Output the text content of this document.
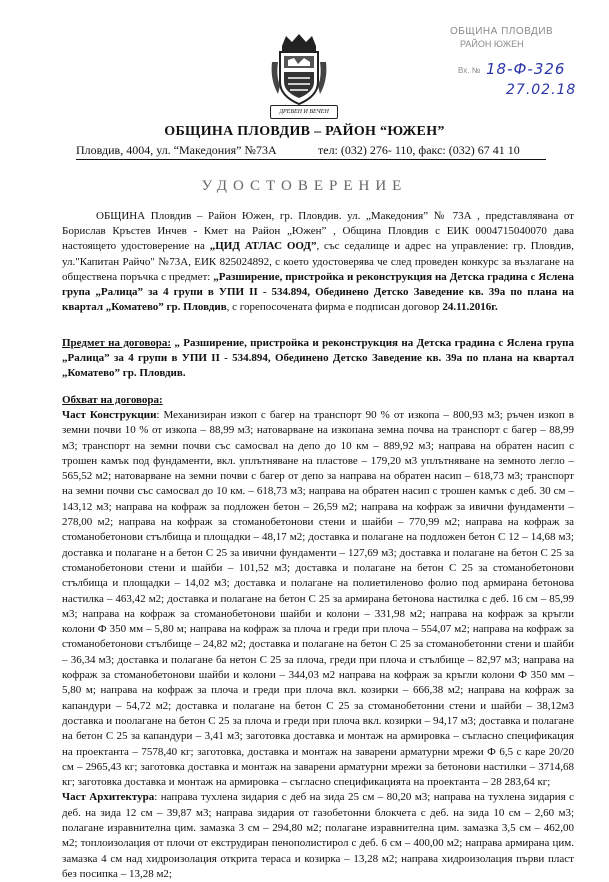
ДРЕВЕН И ВЕЧЕН
ОБЩИНА ПЛОВДИВ
РАЙОН ЮЖЕН
Вх. № 18-Ф-326
27.02.18
ОБЩИНА ПЛОВДИВ – РАЙОН “ЮЖЕН”
Пловдив, 4004, ул. “Македония” №73А	тел: (032) 276- 110, факс: (032) 67 41 10
УДОСТОВЕРЕНИЕ
ОБЩИНА Пловдив – Район Южен, гр. Пловдив. ул. „Македония” № 73А , представлявана от Борислав Кръстев Инчев - Кмет на Район „Южен” , Община Пловдив с ЕИК 0004715040070 дава настоящето удостоверение на „ЦИД АТЛАС ООД”, със седалище и адрес на управление: гр. Пловдив, ул."Капитан Райчо" №73А, ЕИК 825024892, с което удостоверява че след проведен конкурс за възлагане на обществена поръчка с предмет: „Разширение, пристройка и реконструкция на Детска градина с Яслена група „Ралица” за 4 групи в УПИ ІІ - 534.894, Обединено Детско Заведение кв. 39а по плана на квартал „Коматево” гр. Пловдив, с горепосочената фирма е подписан договор 24.11.2016г.
Предмет на договора: „ Разширение, пристройка и реконструкция на Детска градина с Яслена група „Ралица” за 4 групи в УПИ ІІ - 534.894, Обединено Детско Заведение кв. 39а по плана на квартал „Коматево” гр. Пловдив.
Обхват на договора:
Част Конструкции: Механизиран изкоп с багер на транспорт 90 % от изкопа – 800,93 м3; ръчен изкоп в земни почви 10 % от изкопа – 88,99 м3; натоварване на изкопана земна почва на транспорт с багер – 88,99 м3; транспорт на земни почви със самосвал на депо до 10 км – 889,92 м3; направа на обратен насип с трошен камък под фундаменти, вкл. уплътняване на пластове – 179,20 м3 уплътняване на земното легло – 565,52 м2; натоварване на земни почви с багер от депо за направа на обратен насип – 618,73 м3; транспорт на земни почви със самосвал до 10 км. – 618,73 м3; направа на обратен насип с трошен камък с деб. 30 см – 143,12 м3; направа на кофраж за подложен бетон – 26,59 м2; направа на кофраж за ивични фундаменти – 278,00 м2; направа на кофраж за стоманобетонови стени и шайби – 770,99 м2; направа на кофраж за стоманобетонови стълбища и площадки – 48,17 м2; доставка и полагане на подложен бетон С 12 – 14,68 м3; доставка и полагане н а бетон С 25 за ивични фундаменти – 127,69 м3; доставка и полагане на бетон С 25 за стоманобетонови стени и шайби – 101,52 м3; доставка и полагане на бетон С 25 за стоманобетонови стълбища и площадки – 14,02 м3; доставка и полагане на полиетиленово фолио под армирана бетонова настилка – 463,42 м2; доставка и полагане на бетон С 25 за армирана бетонова настилка с деб. 16 см – 85,99 м3; направа на кофраж за стоманобетонови шайби и колони – 331,98 м2; направа на кофраж за кръгли колони Ф 350 мм – 5,80 м; направа на кофраж за плоча и греди при плоча – 554,07 м2; направа на кофраж за стоманобетонови стълбище – 24,82 м2; доставка и полагане на бетон С 25 за стоманобетонни стени и шайби – 36,34 м3; доставка и полагане ба нетон С 25 за плоча, греди при плоча и стълбище – 82,97 м3; направа на кофраж за стоманобетонови шайби и колони – 344,03 м2 направа на кофраж за кръгли колони Ф 350 мм – 5,80 м; направа на кофраж за плоча и греди при плоча вкл. козирки – 666,38 м2; направа на кофраж за капандури – 54,72 м2; доставка и полагане на бетон С 25 за стоманобетонни стени и шайби – 38,12м3 доставка и поолагане на бетон С 25 за плоча и греди при плоча вкл. козирки – 94,17 м3; доставка и полагане на бетон С 25 за капандури – 3,41 м3; заготовка доставка и монтаж на армировка – съгласно спецификация на проектанта – 7578,40 кг; заготовка, доставка и монтаж на заварени арматурни мрежи Ф 6,5 с каре 20/20 см – 2965,43 кг; заготовка доставка и монтаж на заварени арматурни мрежи за бетонови настилки – 3714,68 кг; заготовка доставка и монтаж на армировка – съгласно спецификацията на проектанта – 28 283,64 кг;
Част Архитектура: направа тухлена зидария с деб на зида 25 см – 80,20 м3; направа на тухлена зидария с деб. на зида 12 см – 39,87 м3; направа зидария от газобетонни блокчета с деб. на зида 10 см – 2,60 м3; полагане изравнителна цим. замазка 3 см – 294,80 м2; полагане изравнителна цим. замазка 3,5 см – 462,00 м2; топлоизолация от плочи от екструдиран пенополистирол с деб. 6 см – 400,00 м2; направа армирана цим. замазка 4 см над хидроизолация открита тераса и козирка – 13,28 м2; направа хидроизолация първи пласт без посипка – 13,28 м2;
